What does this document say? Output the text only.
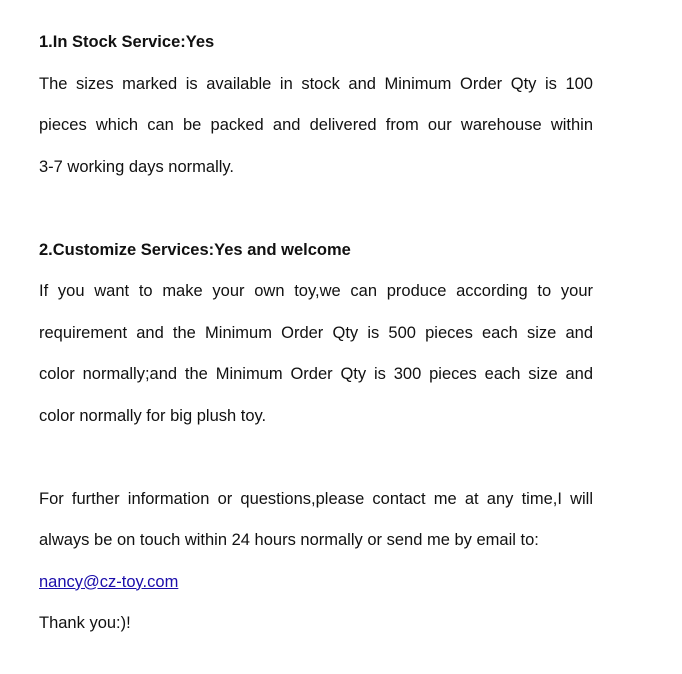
1.In Stock Service:Yes

The sizes marked is available in stock and Minimum Order Qty is 100

pieces which can be packed and delivered from our warehouse within

3-7 working days normally.

2.Customize Services:Yes and welcome

If you want to make your own toy,we can produce according to your

requirement and the Minimum Order Qty is 500 pieces each size and

color normally;and the Minimum Order Qty is 300 pieces each size and

color normally for big plush toy.

For further information or questions,please contact me at any time,I will

always be on touch within 24 hours normally or send me by email to:

nancy@cz-toy.com

Thank you:)!
